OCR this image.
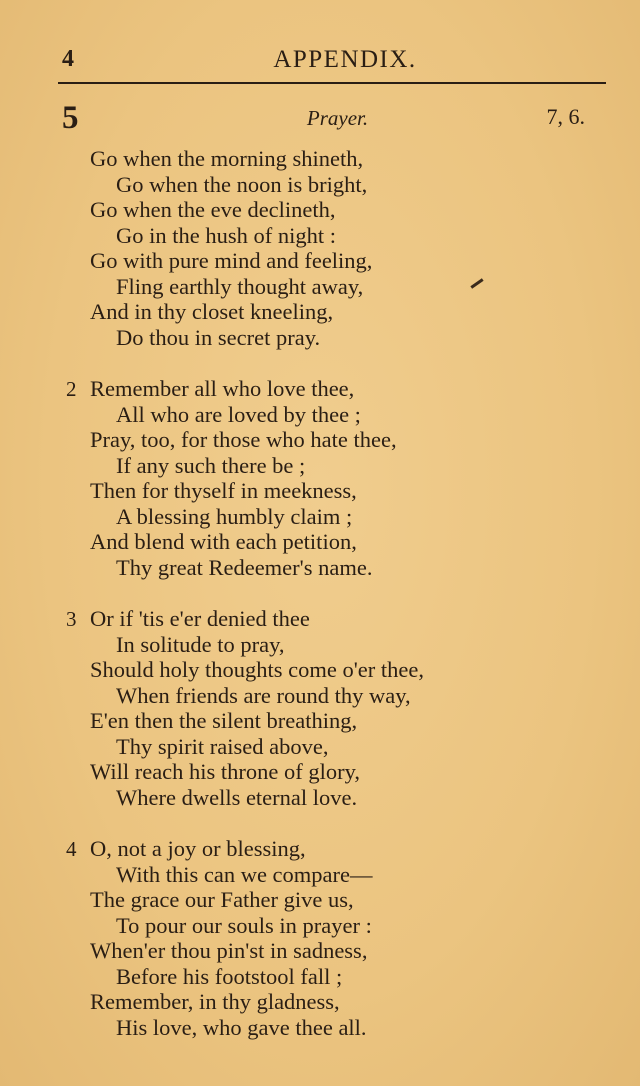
4	APPENDIX.
5	Prayer.	7, 6.
Go when the morning shineth,
Go when the noon is bright,
Go when the eve declineth,
Go in the hush of night :
Go with pure mind and feeling,
Fling earthly thought away,
And in thy closet kneeling,
Do thou in secret pray.
2 Remember all who love thee,
All who are loved by thee ;
Pray, too, for those who hate thee,
If any such there be ;
Then for thyself in meekness,
A blessing humbly claim ;
And blend with each petition,
Thy great Redeemer's name.
3 Or if 'tis e'er denied thee
In solitude to pray,
Should holy thoughts come o'er thee,
When friends are round thy way,
E'en then the silent breathing,
Thy spirit raised above,
Will reach his throne of glory,
Where dwells eternal love.
4 O, not a joy or blessing,
With this can we compare—
The grace our Father give us,
To pour our souls in prayer :
When'er thou pin'st in sadness,
Before his footstool fall ;
Remember, in thy gladness,
His love, who gave thee all.
